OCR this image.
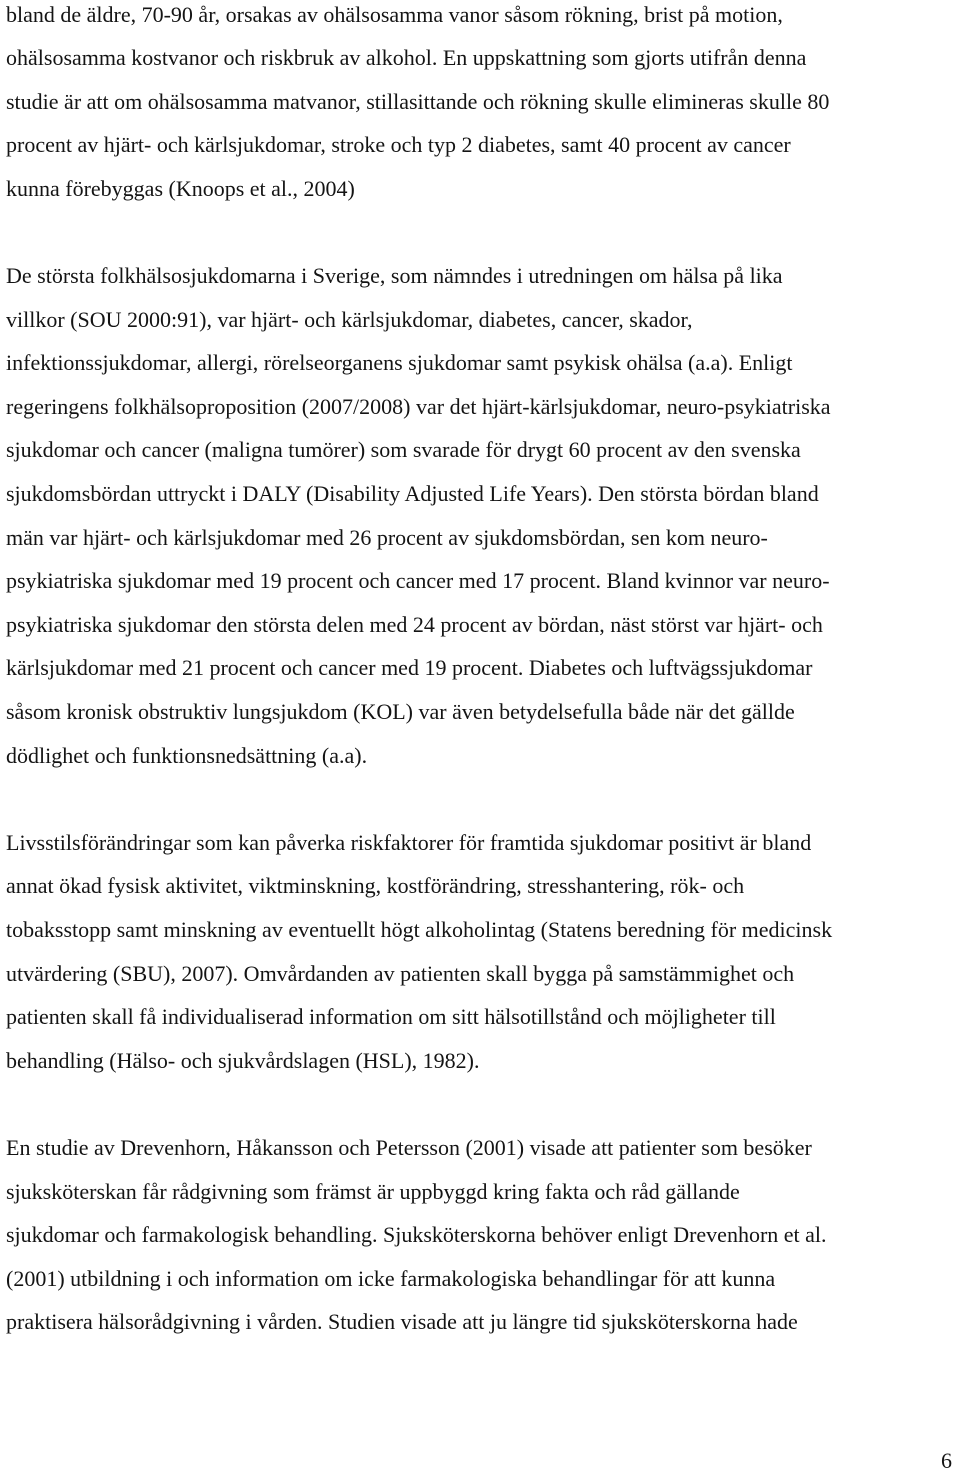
bland de äldre, 70-90 år, orsakas av ohälsosamma vanor såsom rökning, brist på motion,
ohälsosamma kostvanor och riskbruk av alkohol. En uppskattning som gjorts utifrån denna
studie är att om ohälsosamma matvanor, stillasittande och rökning skulle elimineras skulle 80
procent av hjärt- och kärlsjukdomar, stroke och typ 2 diabetes, samt 40 procent av cancer
kunna förebyggas (Knoops et al., 2004)
De största folkhälsosjukdomarna i Sverige, som nämndes i utredningen om hälsa på lika
villkor (SOU 2000:91), var hjärt- och kärlsjukdomar, diabetes, cancer, skador,
infektionssjukdomar, allergi, rörelseorganens sjukdomar samt psykisk ohälsa (a.a). Enligt
regeringens folkhälsoproposition (2007/2008) var det hjärt-kärlsjukdomar, neuro-psykiatriska
sjukdomar och cancer (maligna tumörer) som svarade för drygt 60 procent av den svenska
sjukdomsbördan uttryckt i DALY (Disability Adjusted Life Years). Den största bördan bland
män var hjärt- och kärlsjukdomar med 26 procent av sjukdomsbördan, sen kom neuro-
psykiatriska sjukdomar med 19 procent och cancer med 17 procent. Bland kvinnor var neuro-
psykiatriska sjukdomar den största delen med 24 procent av bördan, näst störst var hjärt- och
kärlsjukdomar med 21 procent och cancer med 19 procent. Diabetes och luftvägssjukdomar
såsom kronisk obstruktiv lungsjukdom (KOL) var även betydelsefulla både när det gällde
dödlighet och funktionsnedsättning (a.a).
Livsstilsförändringar som kan påverka riskfaktorer för framtida sjukdomar positivt är bland
annat ökad fysisk aktivitet, viktminskning, kostförändring, stresshantering, rök- och
tobaksstopp samt minskning av eventuellt högt alkoholintag (Statens beredning för medicinsk
utvärdering (SBU), 2007). Omvårdanden av patienten skall bygga på samstämmighet och
patienten skall få individualiserad information om sitt hälsotillstånd och möjligheter till
behandling (Hälso- och sjukvårdslagen (HSL), 1982).
En studie av Drevenhorn, Håkansson och Petersson (2001) visade att patienter som besöker
sjuksköterskan får rådgivning som främst är uppbyggd kring fakta och råd gällande
sjukdomar och farmakologisk behandling. Sjuksköterskorna behöver enligt Drevenhorn et al.
(2001) utbildning i och information om icke farmakologiska behandlingar för att kunna
praktisera hälsorådgivning i vården. Studien visade att ju längre tid sjuksköterskorna hade
6
